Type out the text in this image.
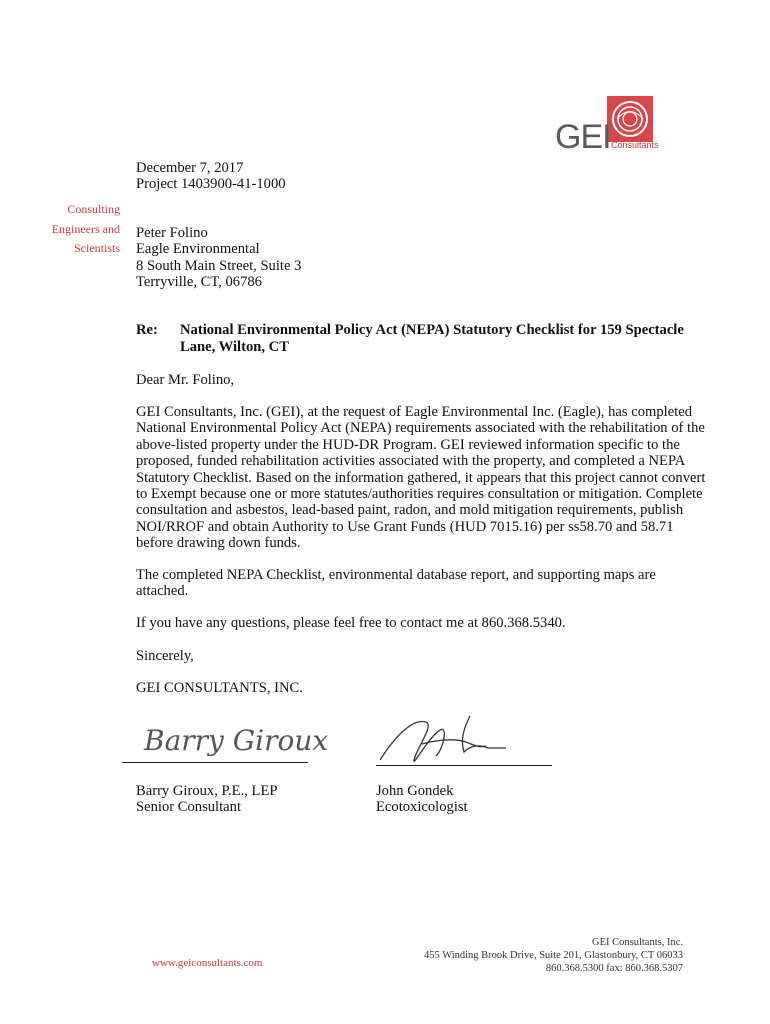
GEI Consultants
Consulting
Engineers and
Scientists
December 7, 2017
Project 1403900-41-1000
Peter Folino
Eagle Environmental
8 South Main Street, Suite 3
Terryville, CT, 06786
Re: National Environmental Policy Act (NEPA) Statutory Checklist for 159 Spectacle
Lane, Wilton, CT
Dear Mr. Folino,
GEI Consultants, Inc. (GEI), at the request of Eagle Environmental Inc. (Eagle), has completed
National Environmental Policy Act (NEPA) requirements associated with the rehabilitation of the
above-listed property under the HUD-DR Program. GEI reviewed information specific to the
proposed, funded rehabilitation activities associated with the property, and completed a NEPA
Statutory Checklist. Based on the information gathered, it appears that this project cannot convert
to Exempt because one or more statutes/authorities requires consultation or mitigation. Complete
consultation and asbestos, lead-based paint, radon, and mold mitigation requirements, publish
NOI/RROF and obtain Authority to Use Grant Funds (HUD 7015.16) per ss58.70 and 58.71
before drawing down funds.
The completed NEPA Checklist, environmental database report, and supporting maps are
attached.
If you have any questions, please feel free to contact me at 860.368.5340.
Sincerely,
GEI CONSULTANTS, INC.
Barry Giroux
Barry Giroux, P.E., LEP
Senior Consultant
John Gondek
Ecotoxicologist
www.geiconsultants.com
GEI Consultants, Inc.
455 Winding Brook Drive, Suite 201, Glastonbury, CT 06033
860.368.5300 fax: 860.368.5307
